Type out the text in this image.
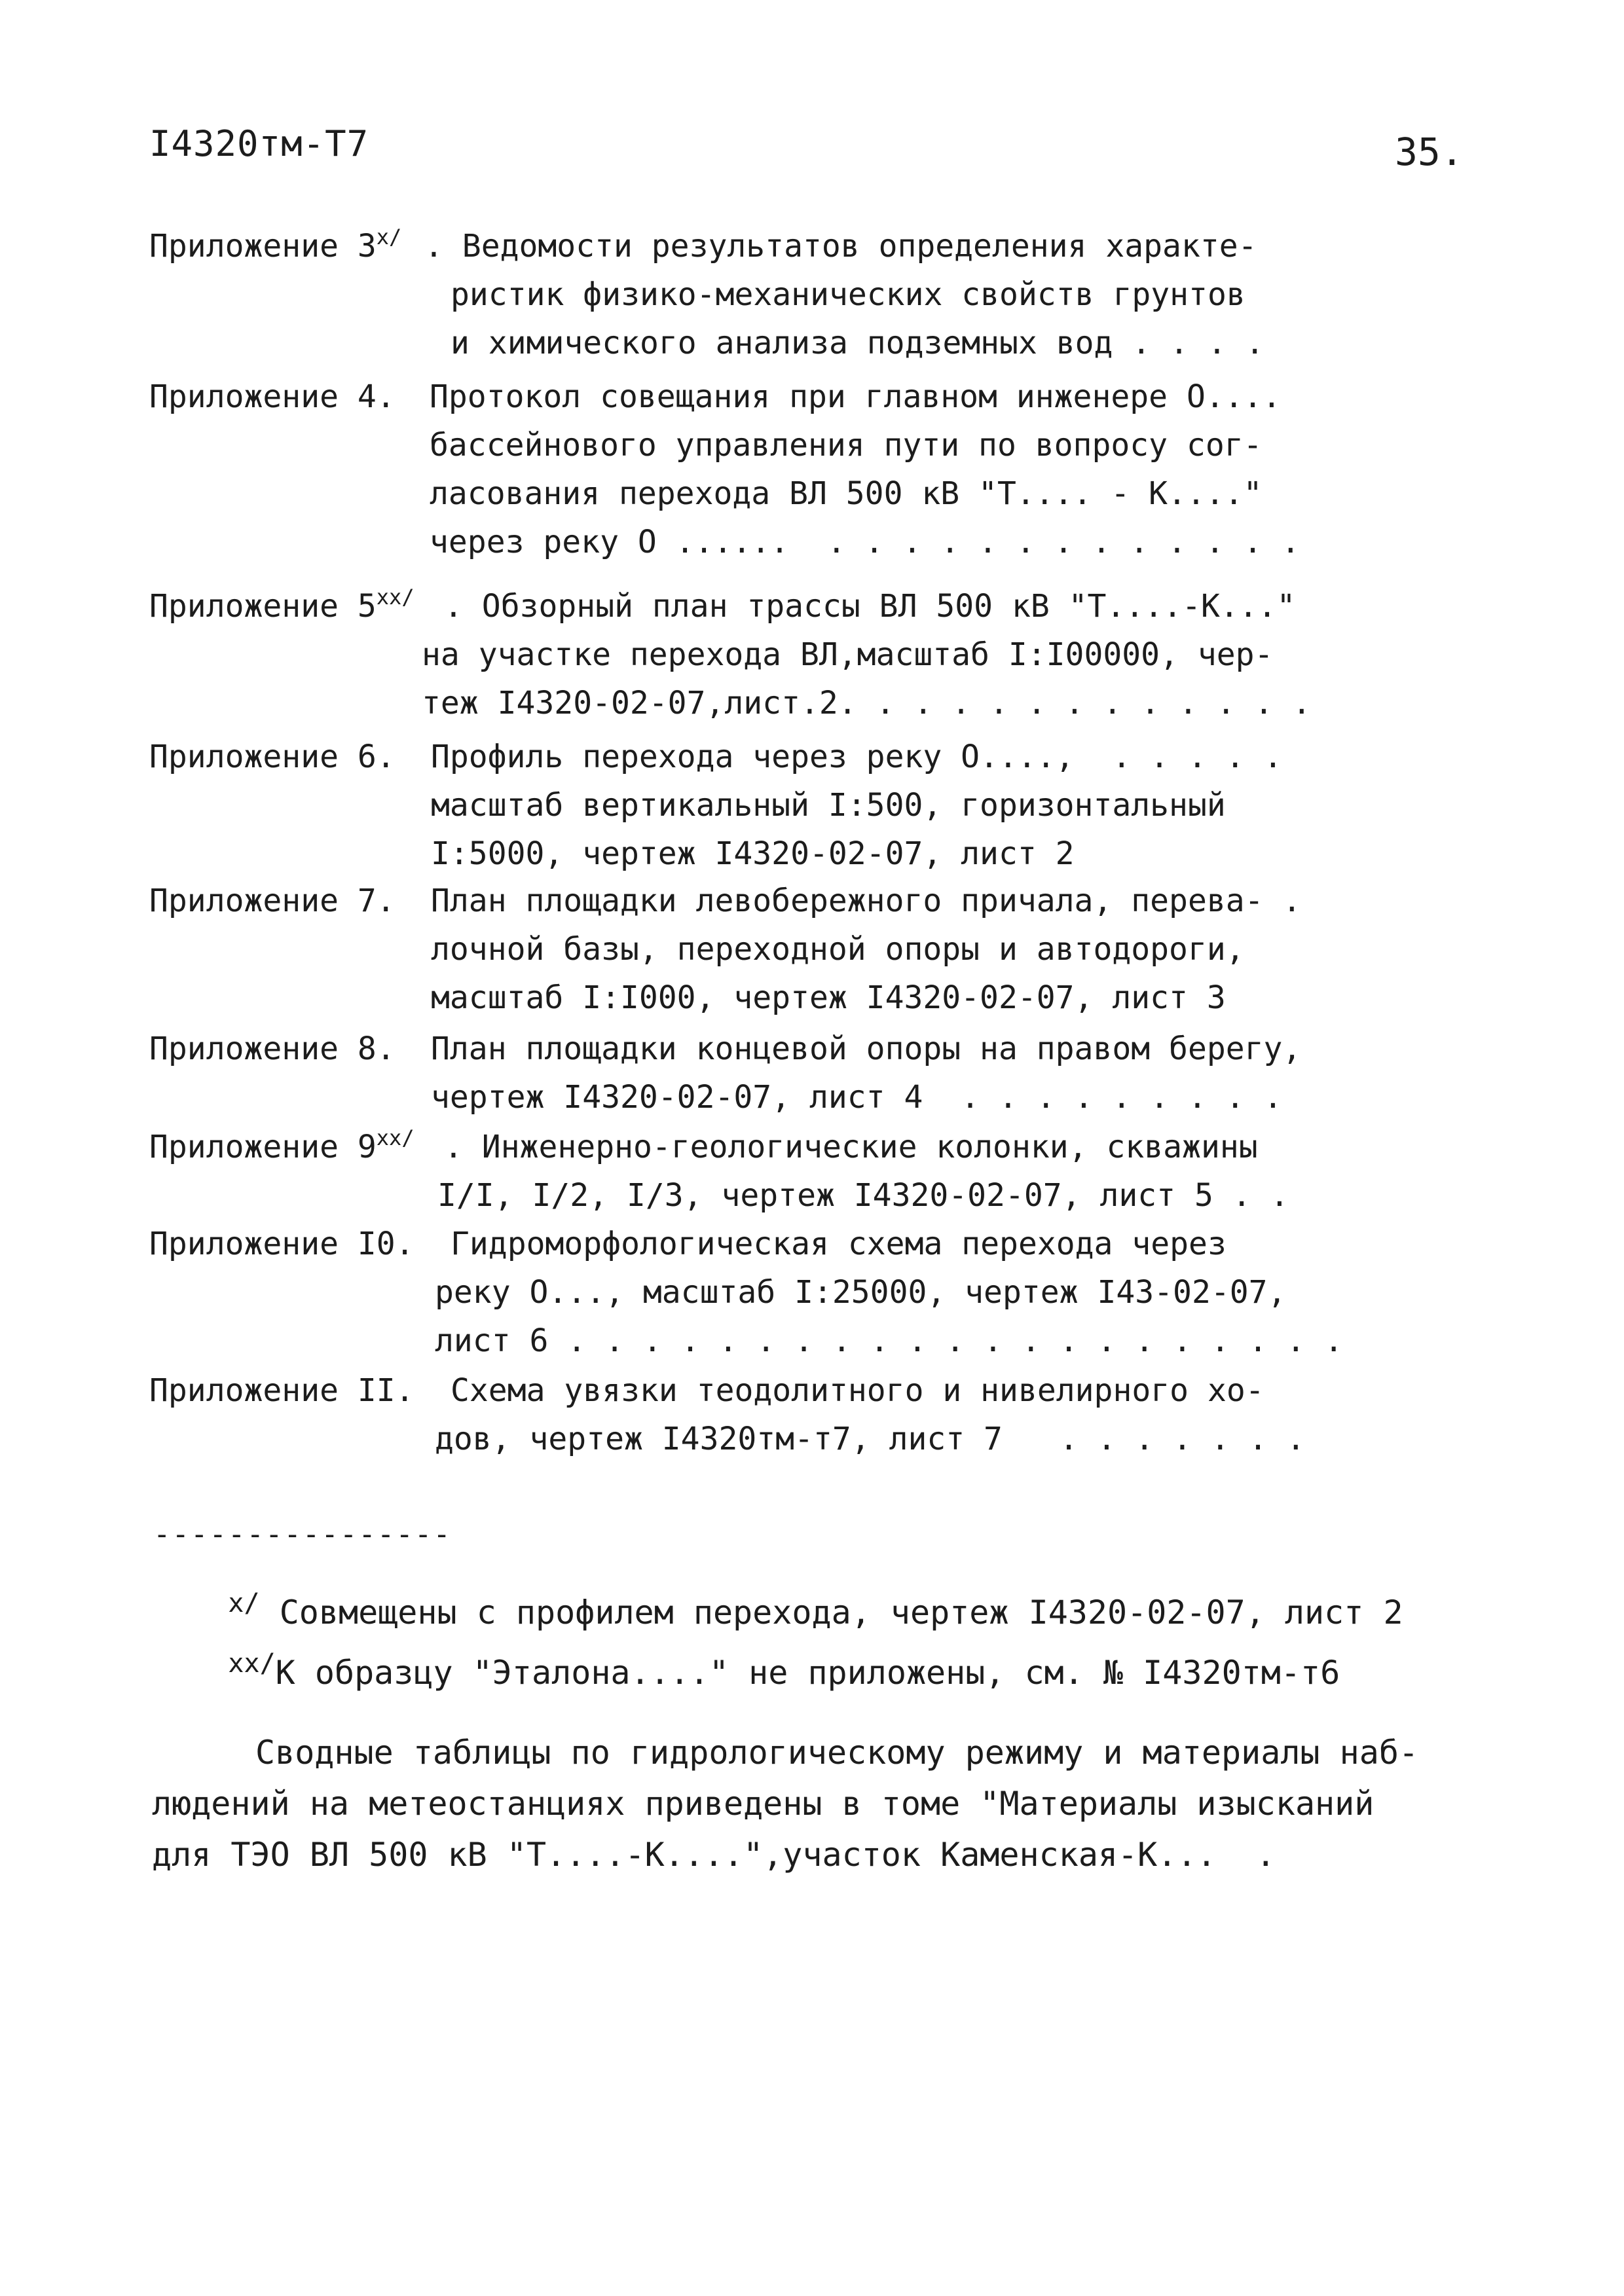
I4320тм-Т7	35.

Приложение $3^{x/}$

. Ведомости результатов определения характе-

ристик физико-механических свойств грунтов

и химического анализа подземных вод . . . .

Приложение 4.

Протокол совещания при главном инженере О....

бассейнового управления пути по вопросу сог-

ласования перехода ВЛ 500 кВ "Т.... - К...."

через реку О ......  . . . . . . . . . . . . .

Приложение $5^{xx/}$

. Обзорный план трассы ВЛ 500 кВ "Т....-К..."

на участке перехода ВЛ,масштаб I:I00000, чер-

теж I4320-02-07,лист.2. . . . . . . . . . . . .

Приложение 6.

Профиль перехода через реку О....,  . . . . .

масштаб вертикальный I:500, горизонтальный

I:5000, чертеж I4320-02-07, лист 2

Приложение 7.

План площадки левобережного причала, перева- .

лочной базы, переходной опоры и автодороги,

масштаб I:I000, чертеж I4320-02-07, лист 3

Приложение 8.

План площадки концевой опоры на правом берегу,

чертеж I4320-02-07, лист 4  . . . . . . . . .

Приложение $9^{xx/}$

. Инженерно-геологические колонки, скважины

I/I, I/2, I/3, чертеж I4320-02-07, лист 5 . .

Приложение I0.

Гидроморфологическая схема перехода через

реку О..., масштаб I:25000, чертеж I43-02-07,

лист 6 . . . . . . . . . . . . . . . . . . . . .

Приложение II.

Схема увязки теодолитного и нивелирного хо-

дов, чертеж I4320тм-т7, лист 7   . . . . . . .

----------------

$^{x/}$ Совмещены с профилем перехода, чертеж I4320-02-07, лист 2

$^{xx/}$К образцу "Эталона...." не приложены, см. № I4320тм-т6

Сводные таблицы по гидрологическому режиму и материалы наб-
людений на метеостанциях приведены в томе "Материалы изысканий
для ТЭО ВЛ 500 кВ "Т....-К....",участок Каменская-К...  .
